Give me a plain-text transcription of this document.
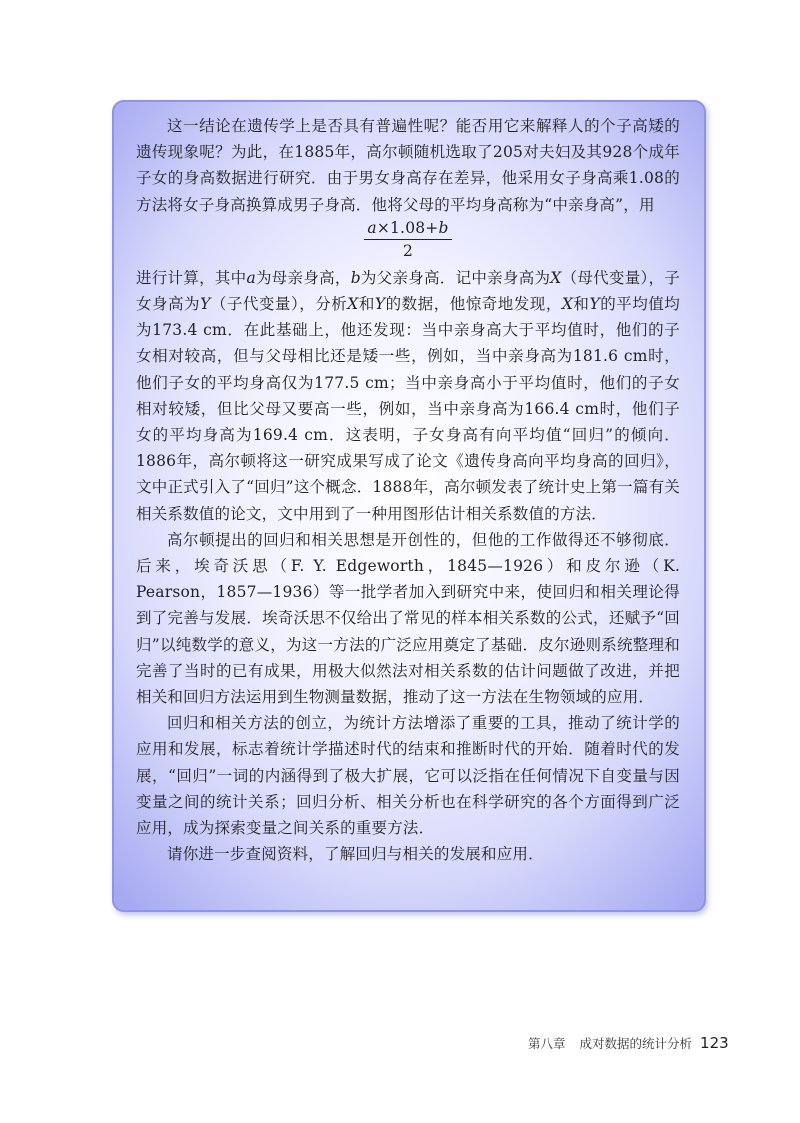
这一结论在遗传学上是否具有普遍性呢？能否用它来解释人的个子高矮的遗传现象呢？为此，在1885年，高尔顿随机选取了205对夫妇及其928个成年子女的身高数据进行研究．由于男女身高存在差异，他采用女子身高乘1.08的方法将女子身高换算成男子身高．他将父母的平均身高称为“中亲身高”，用

$\frac{a\times 1.08+b}{2}$

进行计算，其中a为母亲身高，b为父亲身高．记中亲身高为X（母代变量），子女身高为Y（子代变量），分析X和Y的数据，他惊奇地发现，X和Y的平均值均为173.4 cm．在此基础上，他还发现：当中亲身高大于平均值时，他们的子女相对较高，但与父母相比还是矮一些，例如，当中亲身高为181.6 cm时，他们子女的平均身高仅为177.5 cm；当中亲身高小于平均值时，他们的子女相对较矮，但比父母又要高一些，例如，当中亲身高为166.4 cm时，他们子女的平均身高为169.4 cm．这表明，子女身高有向平均值“回归”的倾向．1886年，高尔顿将这一研究成果写成了论文《遗传身高向平均身高的回归》，文中正式引入了“回归”这个概念．1888年，高尔顿发表了统计史上第一篇有关相关系数值的论文，文中用到了一种用图形估计相关系数值的方法．

高尔顿提出的回归和相关思想是开创性的，但他的工作做得还不够彻底．后来，埃奇沃思（F. Y. Edgeworth，1845—1926）和皮尔逊（K. Pearson，1857—1936）等一批学者加入到研究中来，使回归和相关理论得到了完善与发展．埃奇沃思不仅给出了常见的样本相关系数的公式，还赋予“回归”以纯数学的意义，为这一方法的广泛应用奠定了基础．皮尔逊则系统整理和完善了当时的已有成果，用极大似然法对相关系数的估计问题做了改进，并把相关和回归方法运用到生物测量数据，推动了这一方法在生物领域的应用．

回归和相关方法的创立，为统计方法增添了重要的工具，推动了统计学的应用和发展，标志着统计学描述时代的结束和推断时代的开始．随着时代的发展，“回归”一词的内涵得到了极大扩展，它可以泛指在任何情况下自变量与因变量之间的统计关系；回归分析、相关分析也在科学研究的各个方面得到广泛应用，成为探索变量之间关系的重要方法．

请你进一步查阅资料，了解回归与相关的发展和应用．

第八章 成对数据的统计分析 123
